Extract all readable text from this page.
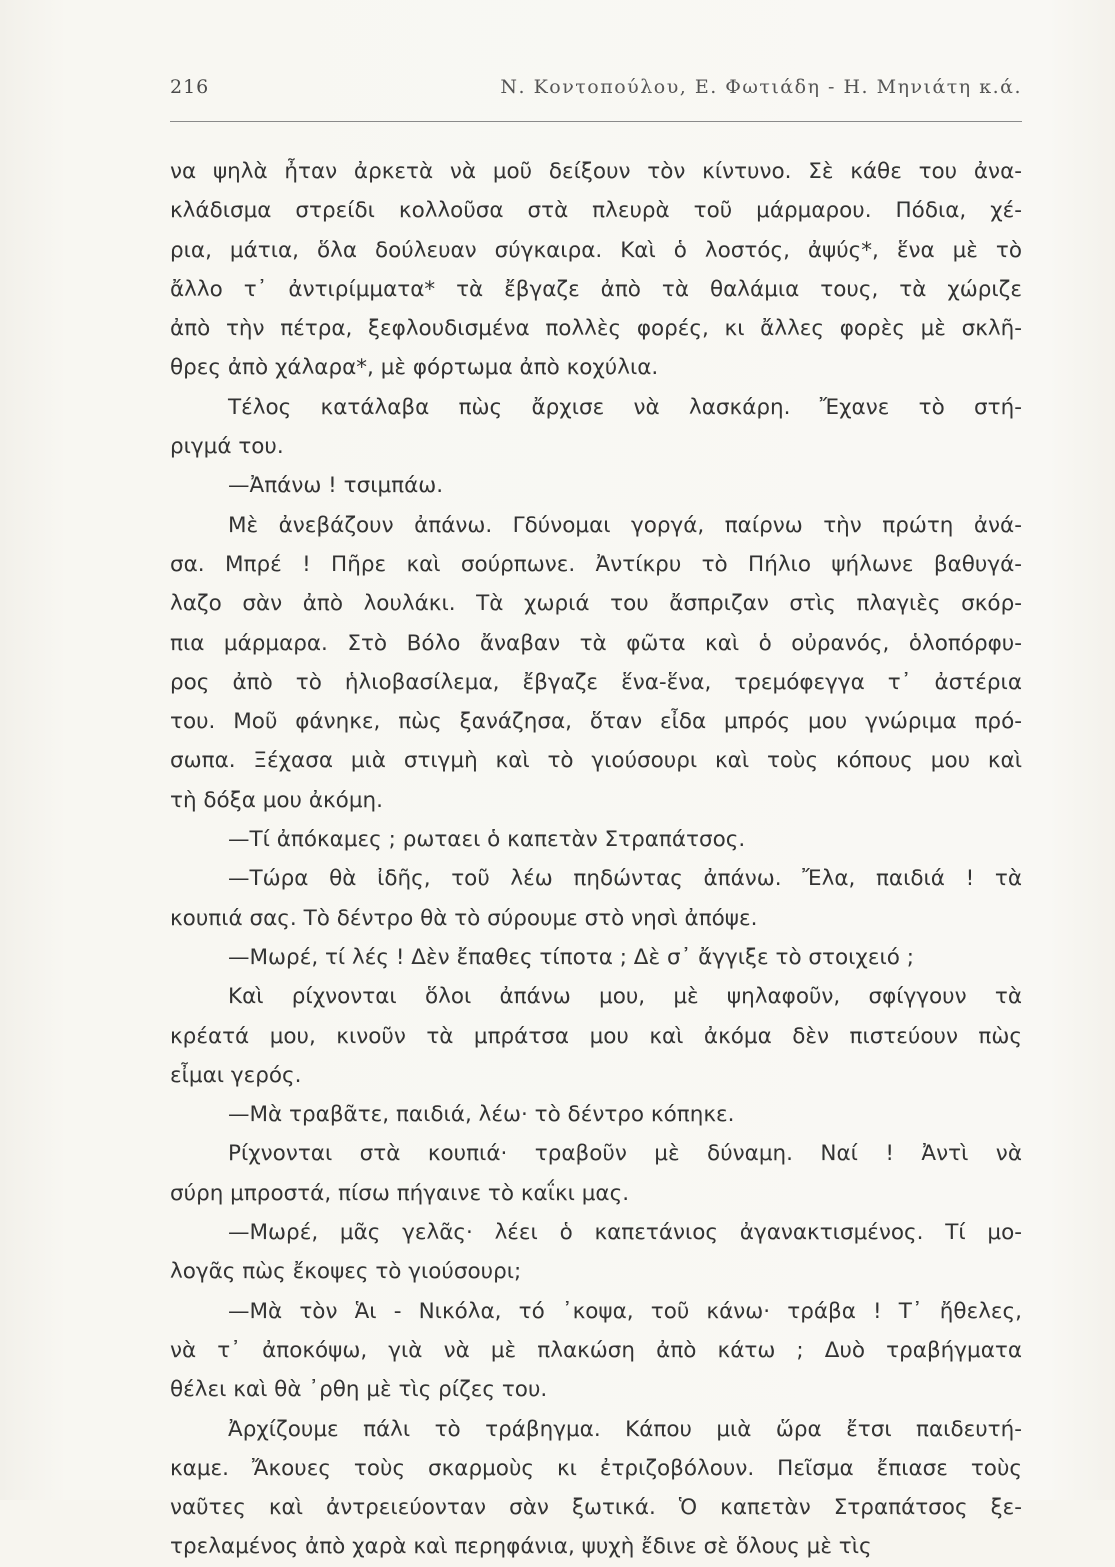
216	Ν. Κοντοπούλου, Ε. Φωτιάδη - Η. Μηνιάτη κ.ά.
να ψηλὰ ἦταν ἀρκετὰ νὰ μοῦ δείξουν τὸν κίντυνο. Σὲ κάθε του ἀνα-
κλάδισμα στρείδι κολλοῦσα στὰ πλευρὰ τοῦ μάρμαρου. Πόδια, χέ-
ρια, μάτια, ὅλα δούλευαν σύγκαιρα. Καὶ ὁ λοστός, ἀψύς*, ἕνα μὲ τὸ
ἄλλο τ᾽ ἀντιρίμματα* τὰ ἔβγαζε ἀπὸ τὰ θαλάμια τους, τὰ χώριζε
ἀπὸ τὴν πέτρα, ξεφλουδισμένα πολλὲς φορές, κι ἄλλες φορὲς μὲ σκλῆ-
θρες ἀπὸ χάλαρα*, μὲ φόρτωμα ἀπὸ κοχύλια.
Τέλος κατάλαβα πὼς ἄρχισε νὰ λασκάρη. Ἔχανε τὸ στή-
ριγμά του.
—Ἀπάνω ! τσιμπάω.
Μὲ ἀνεβάζουν ἀπάνω. Γδύνομαι γοργά, παίρνω τὴν πρώτη ἀνά-
σα. Μπρέ ! Πῆρε καὶ σούρπωνε. Ἀντίκρυ τὸ Πήλιο ψήλωνε βαθυγά-
λαζο σὰν ἀπὸ λουλάκι. Τὰ χωριά του ἄσπριζαν στὶς πλαγιὲς σκόρ-
πια μάρμαρα. Στὸ Βόλο ἄναβαν τὰ φῶτα καὶ ὁ οὐρανός, ὁλοπόρφυ-
ρος ἀπὸ τὸ ἡλιοβασίλεμα, ἔβγαζε ἕνα-ἕνα, τρεμόφεγγα τ᾽ ἀστέρια
του. Μοῦ φάνηκε, πὼς ξανάζησα, ὅταν εἶδα μπρός μου γνώριμα πρό-
σωπα. Ξέχασα μιὰ στιγμὴ καὶ τὸ γιούσουρι καὶ τοὺς κόπους μου καὶ
τὴ δόξα μου ἀκόμη.
—Τί ἀπόκαμες ; ρωταει ὁ καπετὰν Στραπάτσος.
—Τώρα θὰ ἰδῆς, τοῦ λέω πηδώντας ἀπάνω. Ἔλα, παιδιά ! τὰ
κουπιά σας. Τὸ δέντρο θὰ τὸ σύρουμε στὸ νησὶ ἀπόψε.
—Μωρέ, τί λές ! Δὲν ἔπαθες τίποτα ; Δὲ σ᾽ ἄγγιξε τὸ στοιχειό ;
Καὶ ρίχνονται ὅλοι ἀπάνω μου, μὲ ψηλαφοῦν, σφίγγουν τὰ
κρέατά μου, κινοῦν τὰ μπράτσα μου καὶ ἀκόμα δὲν πιστεύουν πὼς
εἶμαι γερός.
—Μὰ τραβᾶτε, παιδιά, λέω· τὸ δέντρο κόπηκε.
Ρίχνονται στὰ κουπιά· τραβοῦν μὲ δύναμη. Ναί ! Ἀντὶ νὰ
σύρη μπροστά, πίσω πήγαινε τὸ καΐκι μας.
—Μωρέ, μᾶς γελᾶς· λέει ὁ καπετάνιος ἀγανακτισμένος. Τί μο-
λογᾶς πὼς ἔκοψες τὸ γιούσουρι;
—Μὰ τὸν Ἁι - Νικόλα, τό ᾽κοψα, τοῦ κάνω· τράβα ! Τ᾽ ἤθελες,
νὰ τ᾽ ἀποκόψω, γιὰ νὰ μὲ πλακώση ἀπὸ κάτω ; Δυὸ τραβήγματα
θέλει καὶ θὰ ᾽ρθη μὲ τὶς ρίζες του.
Ἀρχίζουμε πάλι τὸ τράβηγμα. Κάπου μιὰ ὥρα ἔτσι παιδευτή-
καμε. Ἄκουες τοὺς σκαρμοὺς κι ἐτριζοβόλουν. Πεῖσμα ἔπιασε τοὺς
ναῦτες καὶ ἀντρειεύονταν σὰν ξωτικά. Ὁ καπετὰν Στραπάτσος ξε-
τρελαμένος ἀπὸ χαρὰ καὶ περηφάνια, ψυχὴ ἔδινε σὲ ὅλους μὲ τὶς
